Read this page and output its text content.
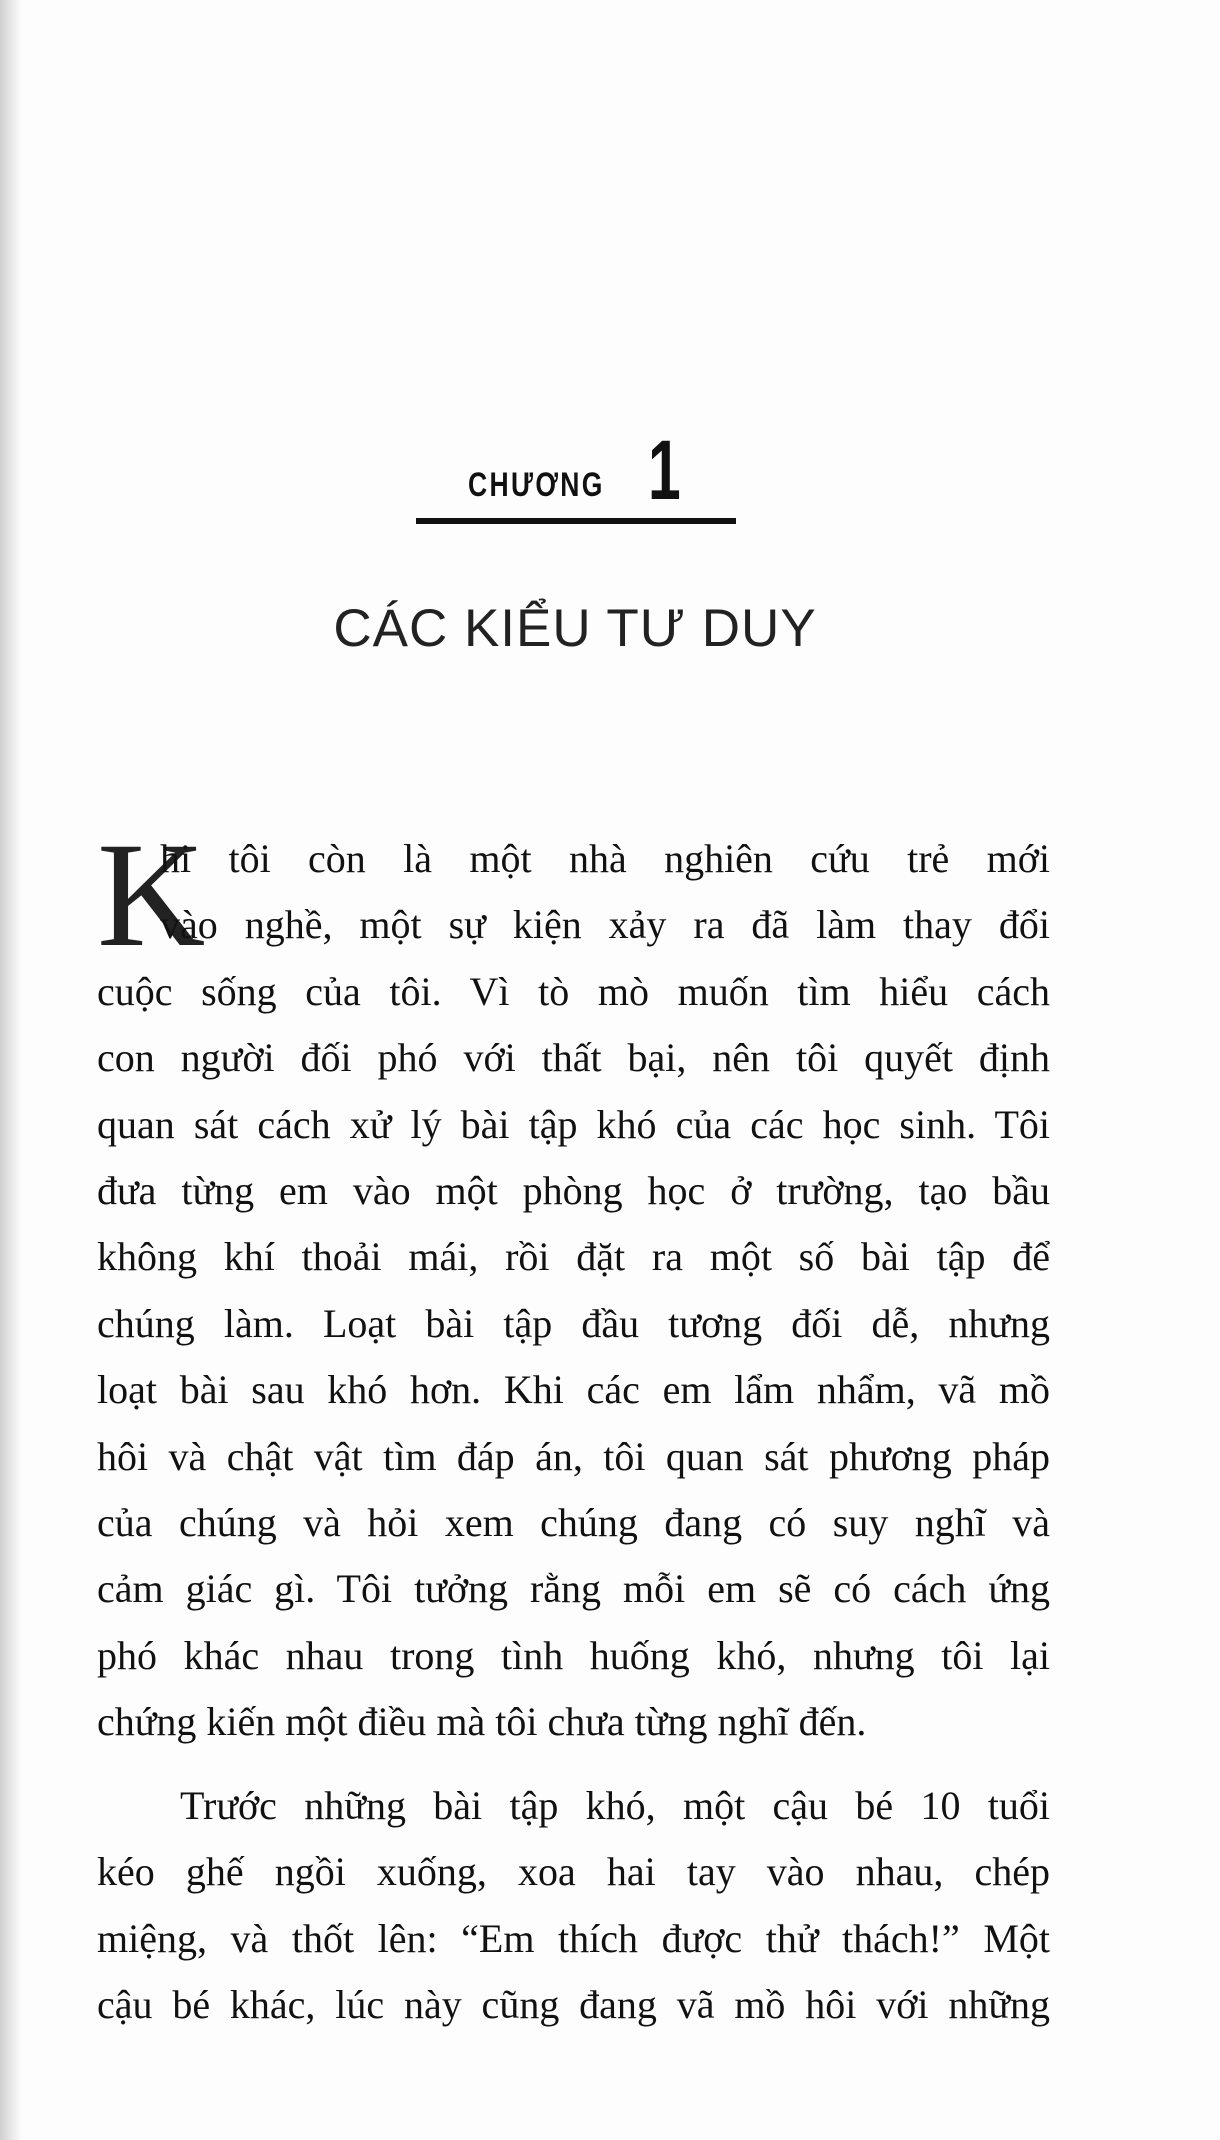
CHƯƠNG 1
CÁC KIỂU TƯ DUY
K
hi tôi còn là một nhà nghiên cứu trẻ mới
vào nghề, một sự kiện xảy ra đã làm thay đổi
cuộc sống của tôi. Vì tò mò muốn tìm hiểu cách
con người đối phó với thất bại, nên tôi quyết định
quan sát cách xử lý bài tập khó của các học sinh. Tôi
đưa từng em vào một phòng học ở trường, tạo bầu
không khí thoải mái, rồi đặt ra một số bài tập để
chúng làm. Loạt bài tập đầu tương đối dễ, nhưng
loạt bài sau khó hơn. Khi các em lẩm nhẩm, vã mồ
hôi và chật vật tìm đáp án, tôi quan sát phương pháp
của chúng và hỏi xem chúng đang có suy nghĩ và
cảm giác gì. Tôi tưởng rằng mỗi em sẽ có cách ứng
phó khác nhau trong tình huống khó, nhưng tôi lại
chứng kiến một điều mà tôi chưa từng nghĩ đến.
Trước những bài tập khó, một cậu bé 10 tuổi
kéo ghế ngồi xuống, xoa hai tay vào nhau, chép
miệng, và thốt lên: “Em thích được thử thách!” Một
cậu bé khác, lúc này cũng đang vã mồ hôi với những
